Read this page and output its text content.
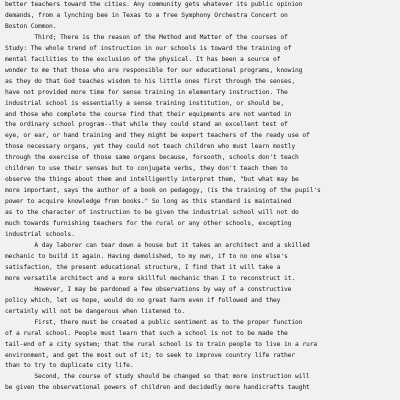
better teachers toward the cities. Any community gets whatever its public opinion
demands, from a lynching bee in Texas to a free Symphony Orchestra Concert on
Boston Common.
Third; There is the reason of the Method and Matter of the courses of
Study: The whole trend of instruction in our schools is toward the training of
mental facilities to the exclusion of the physical. It has been a source of
wonder to me that those who are responsible for our educational programs, knowing
as they do that God teaches wisdom to his little ones first through the senses,
have not provided more time for sense training in elementary instruction. The
industrial school is essentially a sense training institution, or should be,
and those who complete the course find that their equipments are not wanted in
the ordinary school program--that while they could stand an excellent test of
eye, or ear, or hand training and they might be expert teachers of the ready use of
those necessary organs, yet they could not teach children who must learn mostly
through the exercise of those same organs because, forsooth, schools don't teach
children to use their senses but to conjugate verbs, they don't teach them to
observe the things about them and intelligently interpret them, "but what may be
more important, says the author of a book on pedagogy, (is the training of the pupil's
power to acquire knowledge from books." So long as this standard is maintained
as to the character of instruction to be given the industrial school will not do
much towards furnishing teachers for the rural or any other schools, excepting
industrial schools.
A day laborer can tear down a house but it takes an architect and a skilled
mechanic to build it again. Having demolished, to my own, if to no one else's
satisfaction, the present educational structure, I find that it will take a
more versatile architect and a more skillful mechanic than I to reconstruct it.
However, I may be pardoned a few observations by way of a constructive
policy which, let us hope, would do no great harm even if followed and they
certainly will not be dangerous when listened to.
First, there must be created a public sentiment as to the proper function
of a rural school. People must learn that such a school is not to be made the
tail-end of a city system; that the rural school is to train people to live in a rura
environment, and get the most out of it; to seek to improve country life rather
than to try to duplicate city life.
Second, the course of study should be changed so that more instruction will
be given the observational powers of children and decidedly more handicrafts taught
